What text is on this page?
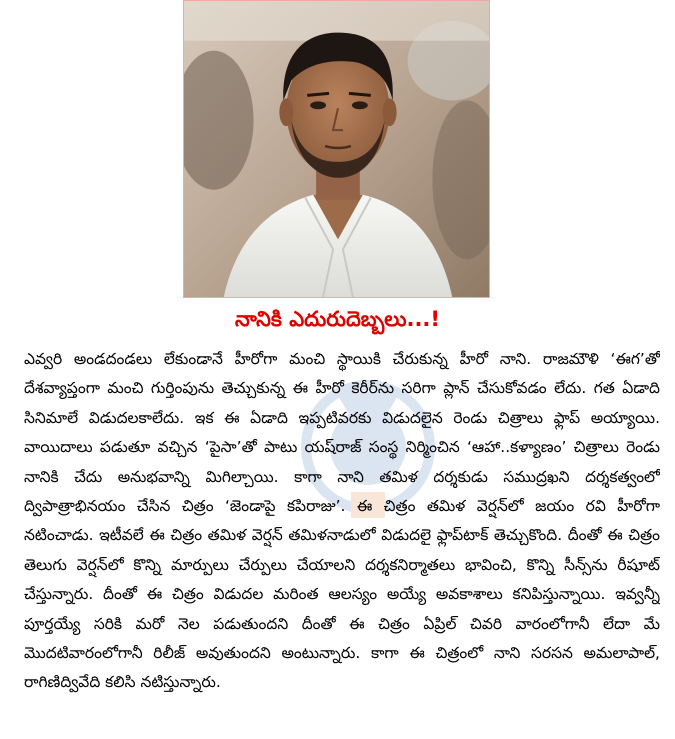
నానికి ఎదురుదెబ్బలు...!

ఎవ్వరి అండదండలు లేకుండానే హీరోగా మంచి స్థాయికి చేరుకున్న హీరో నాని. రాజమౌళి ‘ఈగ’తో దేశవ్యాప్తంగా మంచి గుర్తింపును తెచ్చుకున్న ఈ హీరో కెరీర్‌ను సరిగా ప్లాన్ చేసుకోవడం లేదు. గత ఏడాది సినిమాలే విడుదలకాలేదు. ఇక ఈ ఏడాది ఇప్పటివరకు విడుదలైన రెండు చిత్రాలు ఫ్లాప్ అయ్యాయి. వాయిదాలు పడుతూ వచ్చిన ‘పైసా’తో పాటు యష్‌రాజ్ సంస్థ నిర్మించిన ‘ఆహా..కళ్యాణం’ చిత్రాలు రెండు నానికి చేదు అనుభవాన్ని మిగిల్చాయి. కాగా నాని తమిళ దర్శకుడు సముద్రఖని దర్శకత్వంలో ద్విపాత్రాభినయం చేసిన చిత్రం ‘జెండాపై కపిరాజు’. ఈ చిత్రం తమిళ వెర్షన్‌లో జయం రవి హీరోగా నటించాడు. ఇటీవలే ఈ చిత్రం తమిళ వెర్షన్ తమిళనాడులో విడుదలై ఫ్లాప్‌టాక్ తెచ్చుకొంది. దీంతో ఈ చిత్రం తెలుగు వెర్షన్‌లో కొన్ని మార్పులు చేర్పులు చేయాలని దర్శకనిర్మాతలు భావించి, కొన్ని సీన్స్‌ను రీషూట్ చేస్తున్నారు. దీంతో ఈ చిత్రం విడుదల మరింత ఆలస్యం అయ్యే అవకాశాలు కనిపిస్తున్నాయి. ఇవ్వన్నీ పూర్తయ్యే సరికి మరో నెల పడుతుందని దీంతో ఈ చిత్రం ఏప్రిల్ చివరి వారంలోగానీ లేదా మే మొదటివారంలోగానీ రిలీజ్ అవుతుందని అంటున్నారు. కాగా ఈ చిత్రంలో నాని సరసన అమలాపాల్, రాగిణిద్వివేది కలిసి నటిస్తున్నారు.
